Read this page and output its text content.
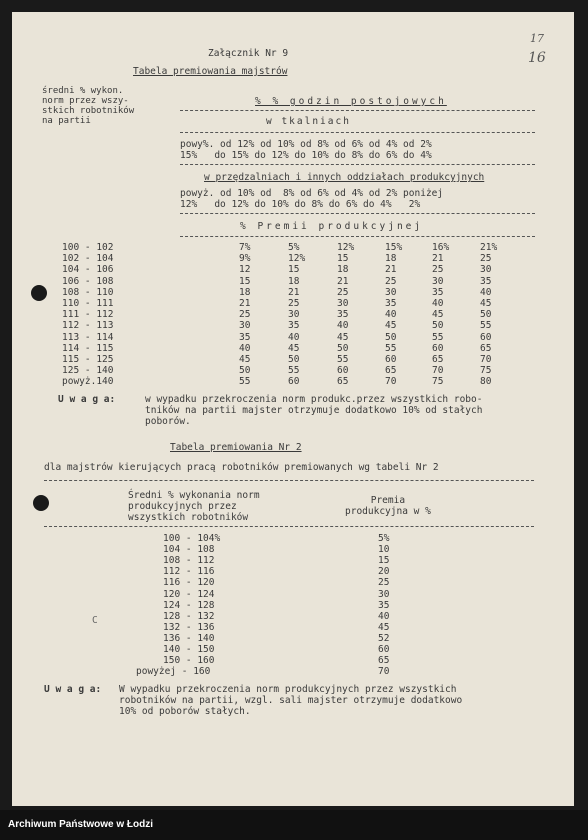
17
16
Załącznik Nr 9
Tabela premiowania majstrów
średni % wykon.
norm przez wszy-
stkich robotników
na partii
% % godzin postojowych
w tkalniach
powy%. od 12% od 10% od 8% od 6% od 4% od 2%
15%   do 15% do 12% do 10% do 8% do 6% do 4%
w przędzalniach i innych oddziałach produkcyjnych
powyż. od 10% od  8% od 6% od 4% od 2% poniżej
12%   do 12% do 10% do 8% do 6% do 4%   2%
% Premii produkcyjnej
100 - 102
102 - 104
104 - 106
106 - 108
108 - 110
110 - 111
111 - 112
112 - 113
113 - 114
114 - 115
115 - 125
125 - 140
powyż.140
7%
9%
12
15
18
21
25
30
35
40
45
50
55
5%
12%
15
18
21
25
30
35
40
45
50
55
60
12%
15
18
21
25
30
35
40
45
50
55
60
65
15%
18
21
25
30
35
40
45
50
55
60
65
70
16%
21
25
30
35
40
45
50
55
60
65
70
75
21%
25
30
35
40
45
50
55
60
65
70
75
80
U w a g a:	w wypadku przekroczenia norm produkc.przez wszystkich robo-
tników na partii majster otrzymuje dodatkowo 10% od stałych
poborów.
Tabela premiowania Nr 2
dla majstrów kierujących pracą robotników premiowanych wg tabeli Nr 2
Średni % wykonania norm
produkcyjnych przez
wszystkich robotników
Premia
produkcyjna w %
100 - 104%
104 - 108
108 - 112
112 - 116
116 - 120
120 - 124
124 - 128
128 - 132
132 - 136
136 - 140
140 - 150
150 - 160
powyżej - 160
5%
10
15
20
25
30
35
40
45
52
60
65
70
C
U w a g a: W wypadku przekroczenia norm produkcyjnych przez wszystkich
robotników na partii, wzgl. sali majster otrzymuje dodatkowo
10% od poborów stałych.
Archiwum Państwowe w Łodzi
